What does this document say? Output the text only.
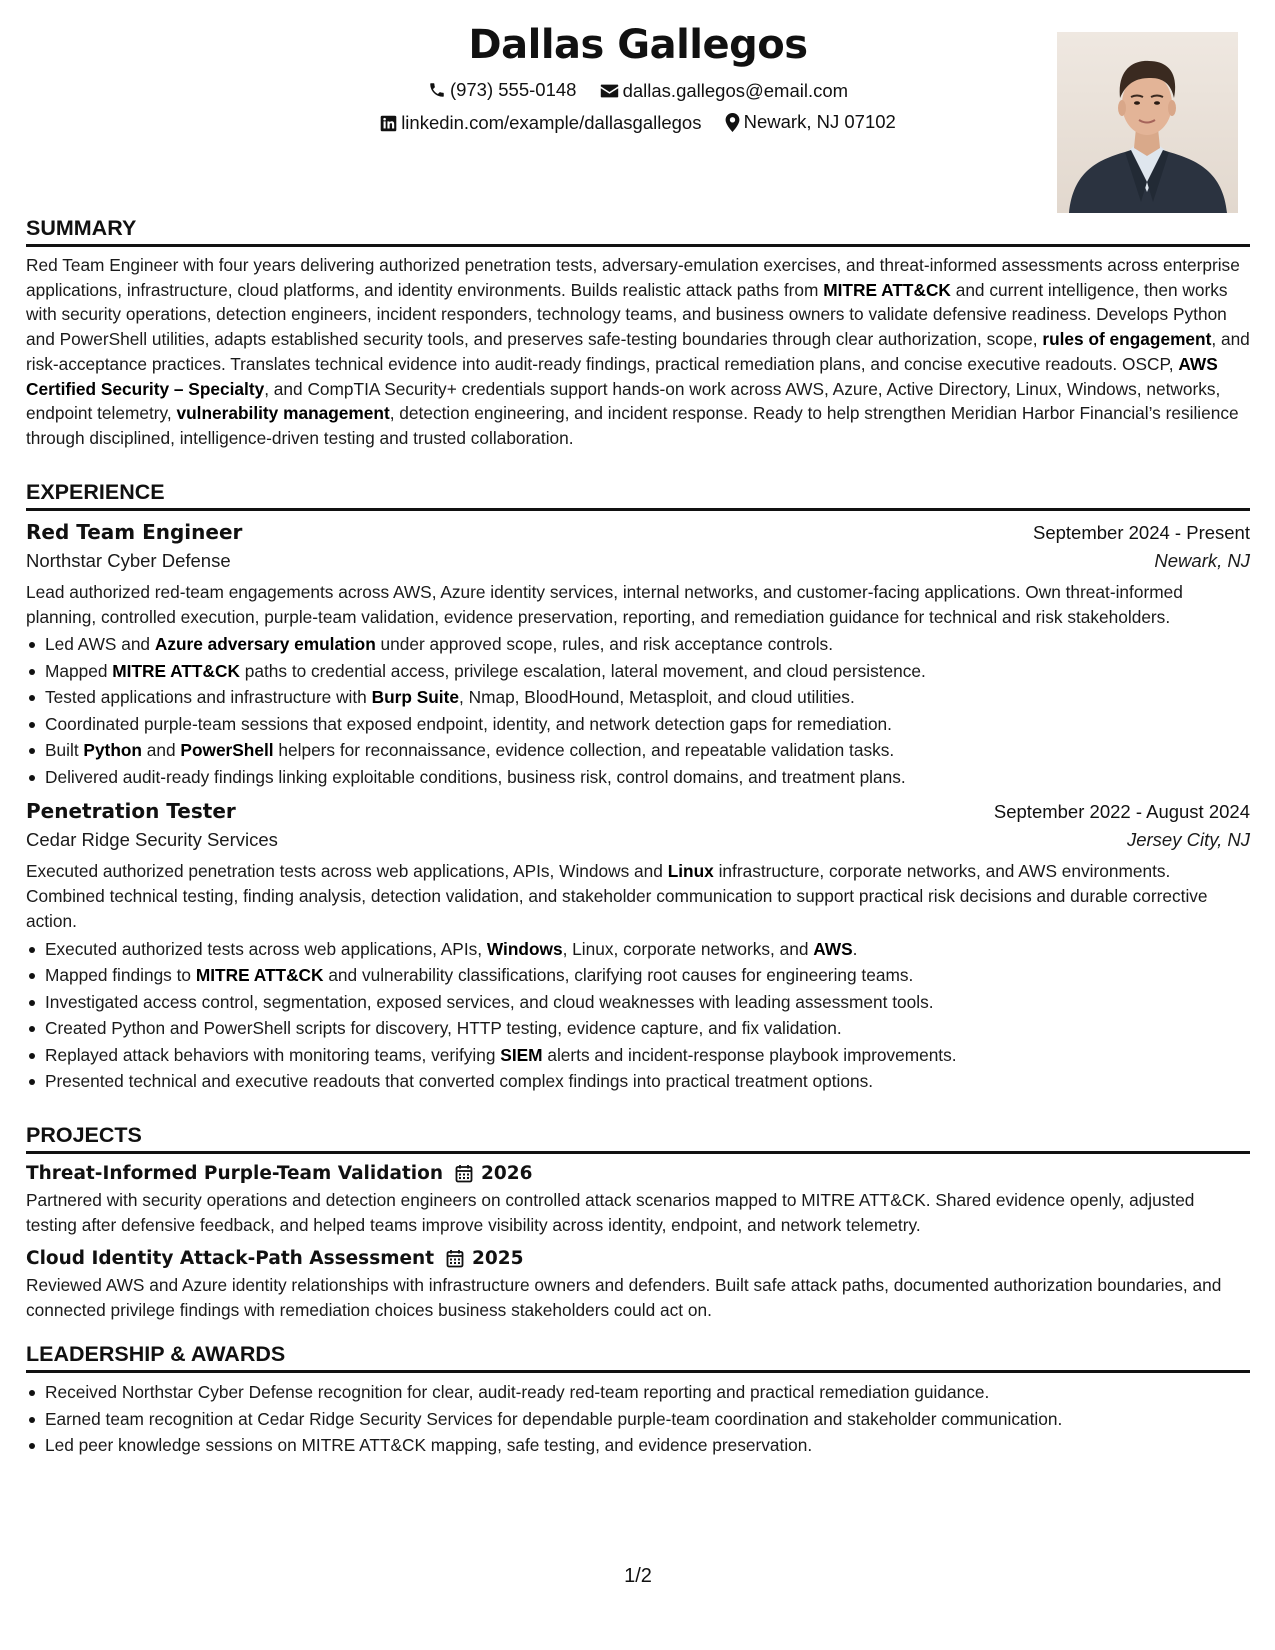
Dallas Gallegos
(973) 555-0148
dallas.gallegos@email.com
linkedin.com/example/dallasgallegos
Newark, NJ 07102
SUMMARY
Red Team Engineer with four years delivering authorized penetration tests, adversary-emulation exercises, and threat-informed assessments across enterprise applications, infrastructure, cloud platforms, and identity environments. Builds realistic attack paths from MITRE ATT&CK and current intelligence, then works with security operations, detection engineers, incident responders, technology teams, and business owners to validate defensive readiness. Develops Python and PowerShell utilities, adapts established security tools, and preserves safe-testing boundaries through clear authorization, scope, rules of engagement, and risk-acceptance practices. Translates technical evidence into audit-ready findings, practical remediation plans, and concise executive readouts. OSCP, AWS Certified Security – Specialty, and CompTIA Security+ credentials support hands-on work across AWS, Azure, Active Directory, Linux, Windows, networks, endpoint telemetry, vulnerability management, detection engineering, and incident response. Ready to help strengthen Meridian Harbor Financial’s resilience through disciplined, intelligence-driven testing and trusted collaboration.
EXPERIENCE
Red Team Engineer	September 2024 - Present
Northstar Cyber Defense	Newark, NJ
Lead authorized red-team engagements across AWS, Azure identity services, internal networks, and customer-facing applications. Own threat-informed planning, controlled execution, purple-team validation, evidence preservation, reporting, and remediation guidance for technical and risk stakeholders.
Led AWS and Azure adversary emulation under approved scope, rules, and risk acceptance controls.
Mapped MITRE ATT&CK paths to credential access, privilege escalation, lateral movement, and cloud persistence.
Tested applications and infrastructure with Burp Suite, Nmap, BloodHound, Metasploit, and cloud utilities.
Coordinated purple-team sessions that exposed endpoint, identity, and network detection gaps for remediation.
Built Python and PowerShell helpers for reconnaissance, evidence collection, and repeatable validation tasks.
Delivered audit-ready findings linking exploitable conditions, business risk, control domains, and treatment plans.
Penetration Tester	September 2022 - August 2024
Cedar Ridge Security Services	Jersey City, NJ
Executed authorized penetration tests across web applications, APIs, Windows and Linux infrastructure, corporate networks, and AWS environments. Combined technical testing, finding analysis, detection validation, and stakeholder communication to support practical risk decisions and durable corrective action.
Executed authorized tests across web applications, APIs, Windows, Linux, corporate networks, and AWS.
Mapped findings to MITRE ATT&CK and vulnerability classifications, clarifying root causes for engineering teams.
Investigated access control, segmentation, exposed services, and cloud weaknesses with leading assessment tools.
Created Python and PowerShell scripts for discovery, HTTP testing, evidence capture, and fix validation.
Replayed attack behaviors with monitoring teams, verifying SIEM alerts and incident-response playbook improvements.
Presented technical and executive readouts that converted complex findings into practical treatment options.
PROJECTS
Threat-Informed Purple-Team Validation 2026
Partnered with security operations and detection engineers on controlled attack scenarios mapped to MITRE ATT&CK. Shared evidence openly, adjusted testing after defensive feedback, and helped teams improve visibility across identity, endpoint, and network telemetry.
Cloud Identity Attack-Path Assessment 2025
Reviewed AWS and Azure identity relationships with infrastructure owners and defenders. Built safe attack paths, documented authorization boundaries, and connected privilege findings with remediation choices business stakeholders could act on.
LEADERSHIP & AWARDS
Received Northstar Cyber Defense recognition for clear, audit-ready red-team reporting and practical remediation guidance.
Earned team recognition at Cedar Ridge Security Services for dependable purple-team coordination and stakeholder communication.
Led peer knowledge sessions on MITRE ATT&CK mapping, safe testing, and evidence preservation.
1/2
